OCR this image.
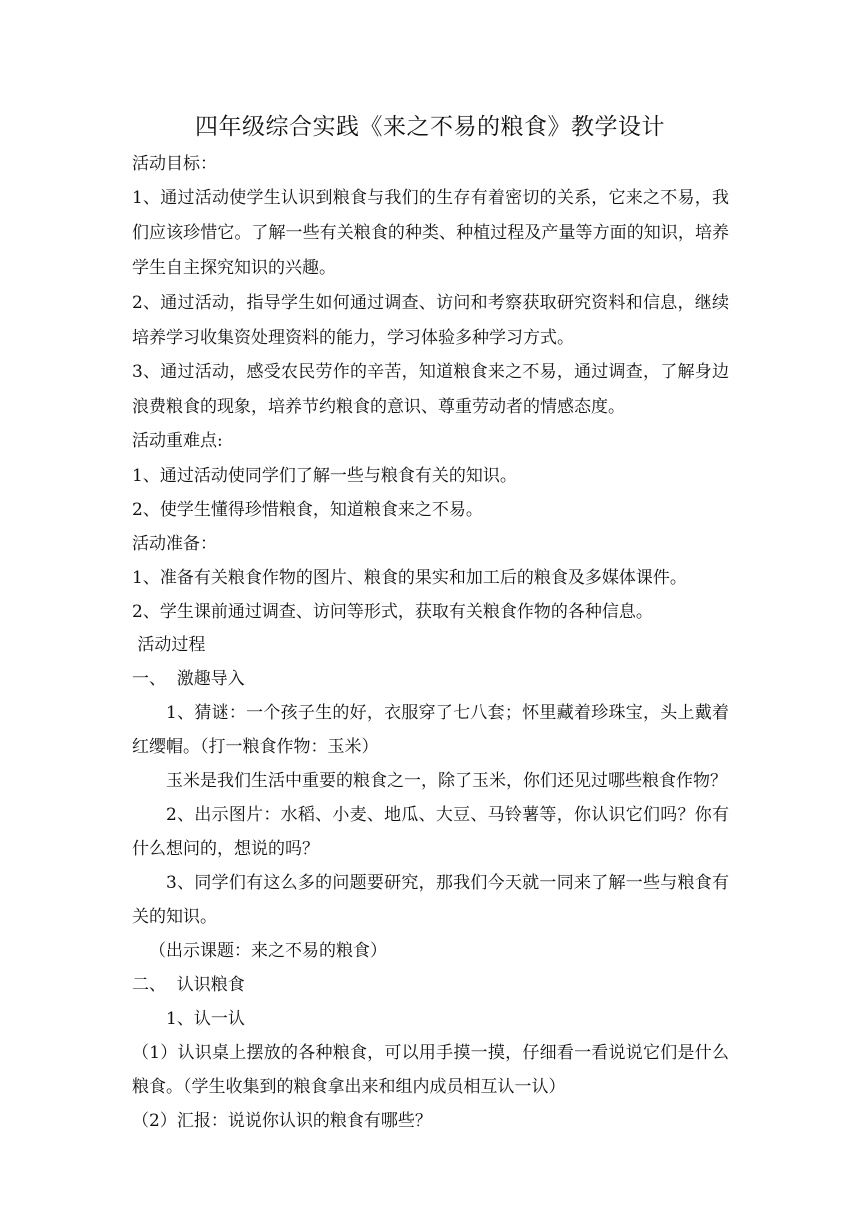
四年级综合实践《来之不易的粮食》教学设计
活动目标：
1、通过活动使学生认识到粮食与我们的生存有着密切的关系，它来之不易，我
们应该珍惜它。了解一些有关粮食的种类、种植过程及产量等方面的知识，培养
学生自主探究知识的兴趣。
2、通过活动，指导学生如何通过调查、访问和考察获取研究资料和信息，继续
培养学习收集资处理资料的能力，学习体验多种学习方式。
3、通过活动，感受农民劳作的辛苦，知道粮食来之不易，通过调查，了解身边
浪费粮食的现象，培养节约粮食的意识、尊重劳动者的情感态度。
活动重难点:
1、通过活动使同学们了解一些与粮食有关的知识。
2、使学生懂得珍惜粮食，知道粮食来之不易。
活动准备：
1、准备有关粮食作物的图片、粮食的果实和加工后的粮食及多媒体课件。
2、学生课前通过调查、访问等形式，获取有关粮食作物的各种信息。
活动过程
一、  激趣导入
1、猜谜：一个孩子生的好，衣服穿了七八套；怀里藏着珍珠宝，头上戴着
红缨帽。（打一粮食作物：玉米）
玉米是我们生活中重要的粮食之一，除了玉米，你们还见过哪些粮食作物？
2、出示图片：水稻、小麦、地瓜、大豆、马铃薯等，你认识它们吗？你有
什么想问的，想说的吗？
3、同学们有这么多的问题要研究，那我们今天就一同来了解一些与粮食有
关的知识。
（出示课题：来之不易的粮食）
二、  认识粮食
1、认一认
（1）认识桌上摆放的各种粮食，可以用手摸一摸，仔细看一看说说它们是什么
粮食。（学生收集到的粮食拿出来和组内成员相互认一认）
（2）汇报：说说你认识的粮食有哪些？
